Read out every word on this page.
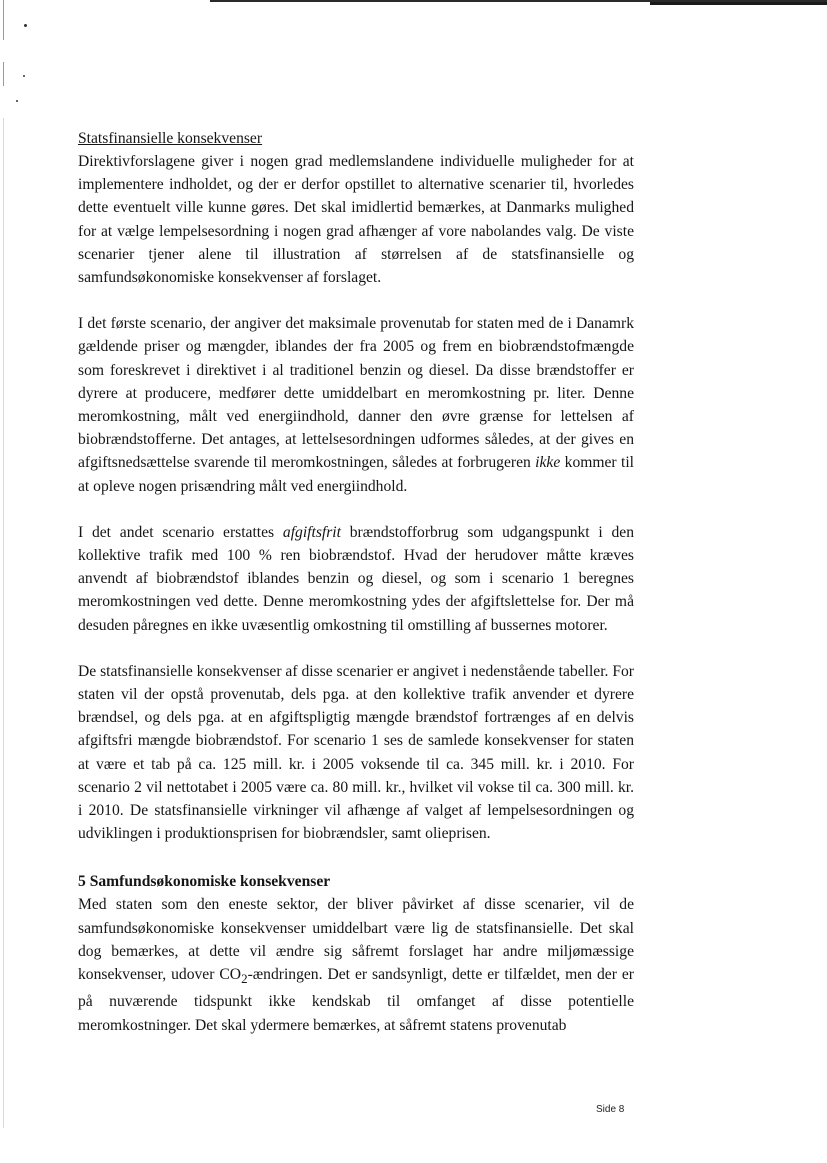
Statsfinansielle konsekvenser

Direktivforslagene giver i nogen grad medlemslandene individuelle muligheder for at implementere indholdet, og der er derfor opstillet to alternative scenarier til, hvorledes dette eventuelt ville kunne gøres. Det skal imidlertid bemærkes, at Danmarks mulighed for at vælge lempelsesordning i nogen grad afhænger af vore nabolandes valg. De viste scenarier tjener alene til illustration af størrelsen af de statsfinansielle og samfundsøkonomiske konsekvenser af forslaget.

I det første scenario, der angiver det maksimale provenutab for staten med de i Danamrk gældende priser og mængder, iblandes der fra 2005 og frem en biobrændstofmængde som foreskrevet i direktivet i al traditionel benzin og diesel. Da disse brændstoffer er dyrere at producere, medfører dette umiddelbart en meromkostning pr. liter. Denne meromkostning, målt ved energiindhold, danner den øvre grænse for lettelsen af biobrændstofferne. Det antages, at lettelsesordningen udformes således, at der gives en afgiftsnedsættelse svarende til meromkostningen, således at forbrugeren ikke kommer til at opleve nogen prisændring målt ved energiindhold.

I det andet scenario erstattes afgiftsfrit brændstofforbrug som udgangspunkt i den kollektive trafik med 100 % ren biobrændstof. Hvad der herudover måtte kræves anvendt af biobrændstof iblandes benzin og diesel, og som i scenario 1 beregnes meromkostningen ved dette. Denne meromkostning ydes der afgiftslettelse for. Der må desuden påregnes en ikke uvæsentlig omkostning til omstilling af bussernes motorer.

De statsfinansielle konsekvenser af disse scenarier er angivet i nedenstående tabeller. For staten vil der opstå provenutab, dels pga. at den kollektive trafik anvender et dyrere brændsel, og dels pga. at en afgiftspligtig mængde brændstof fortrænges af en delvis afgiftsfri mængde biobrændstof. For scenario 1 ses de samlede konsekvenser for staten at være et tab på ca. 125 mill. kr. i 2005 voksende til ca. 345 mill. kr. i 2010. For scenario 2 vil nettotabet i 2005 være ca. 80 mill. kr., hvilket vil vokse til ca. 300 mill. kr. i 2010. De statsfinansielle virkninger vil afhænge af valget af lempelsesordningen og udviklingen i produktionsprisen for biobrændsler, samt olieprisen.

5 Samfundsøkonomiske konsekvenser

Med staten som den eneste sektor, der bliver påvirket af disse scenarier, vil de samfundsøkonomiske konsekvenser umiddelbart være lig de statsfinansielle. Det skal dog bemærkes, at dette vil ændre sig såfremt forslaget har andre miljømæssige konsekvenser, udover $CO_2$-ændringen. Det er sandsynligt, dette er tilfældet, men der er på nuværende tidspunkt ikke kendskab til omfanget af disse potentielle meromkostninger. Det skal ydermere bemærkes, at såfremt statens provenutab

Side 8
